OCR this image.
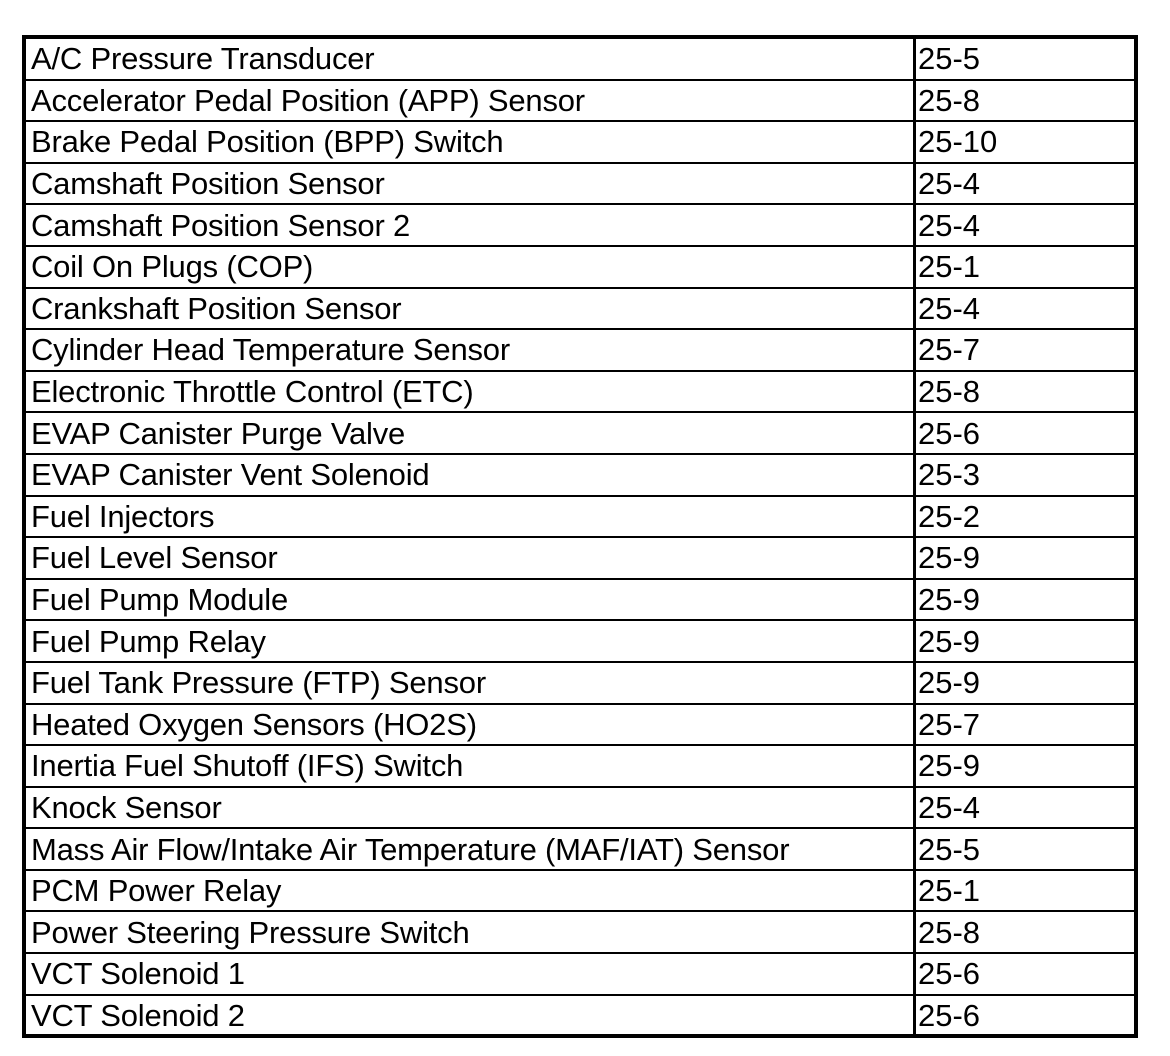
A/C Pressure Transducer	25-5
Accelerator Pedal Position (APP) Sensor	25-8
Brake Pedal Position (BPP) Switch	25-10
Camshaft Position Sensor	25-4
Camshaft Position Sensor 2	25-4
Coil On Plugs (COP)	25-1
Crankshaft Position Sensor	25-4
Cylinder Head Temperature Sensor	25-7
Electronic Throttle Control (ETC)	25-8
EVAP Canister Purge Valve	25-6
EVAP Canister Vent Solenoid	25-3
Fuel Injectors	25-2
Fuel Level Sensor	25-9
Fuel Pump Module	25-9
Fuel Pump Relay	25-9
Fuel Tank Pressure (FTP) Sensor	25-9
Heated Oxygen Sensors (HO2S)	25-7
Inertia Fuel Shutoff (IFS) Switch	25-9
Knock Sensor	25-4
Mass Air Flow/Intake Air Temperature (MAF/IAT) Sensor	25-5
PCM Power Relay	25-1
Power Steering Pressure Switch	25-8
VCT Solenoid 1	25-6
VCT Solenoid 2	25-6
